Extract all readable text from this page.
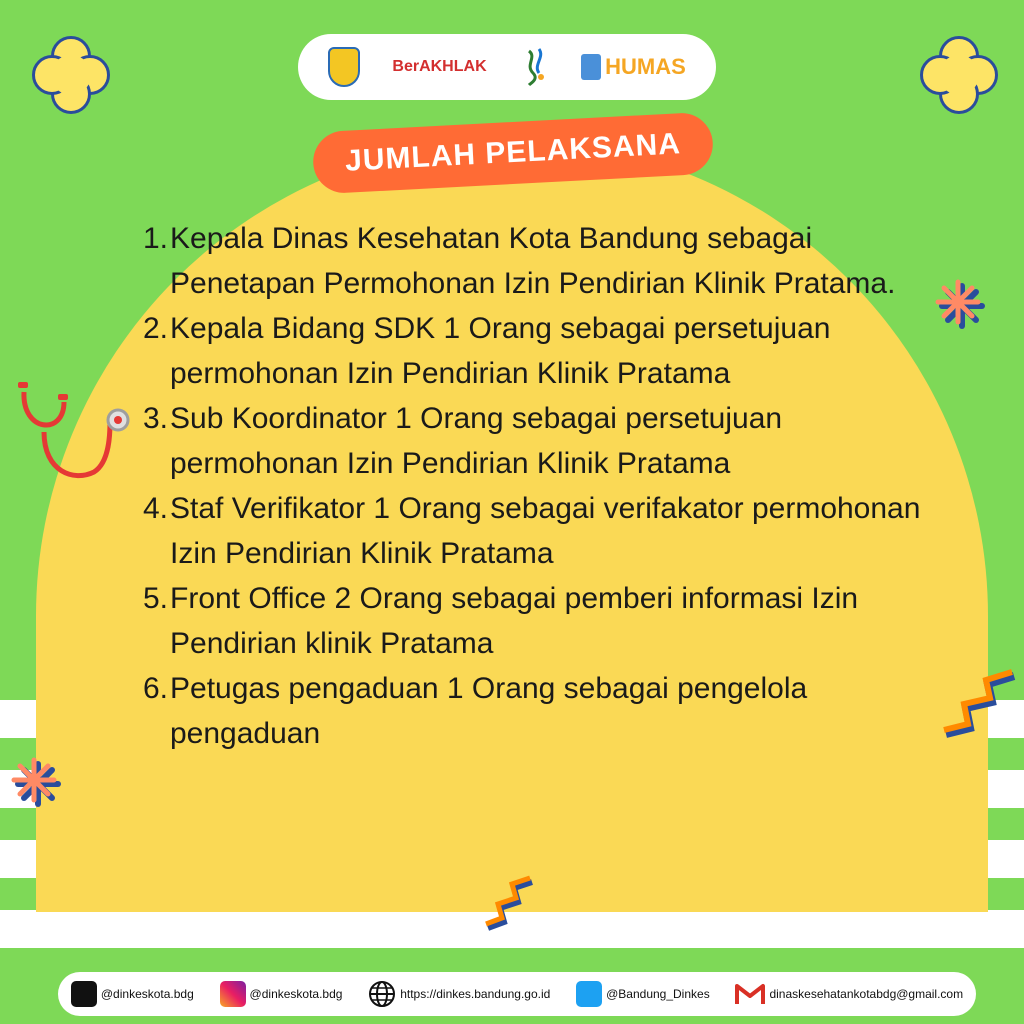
BerAKHLAK	HUMAS
JUMLAH PELAKSANA
1. Kepala Dinas Kesehatan Kota Bandung sebagai Penetapan Permohonan Izin Pendirian Klinik Pratama.
2. Kepala Bidang SDK 1 Orang sebagai persetujuan permohonan Izin Pendirian Klinik Pratama
3. Sub Koordinator 1 Orang sebagai persetujuan permohonan Izin Pendirian Klinik Pratama
4. Staf Verifikator 1 Orang sebagai verifakator permohonan Izin Pendirian Klinik Pratama
5. Front Office 2 Orang sebagai pemberi informasi Izin Pendirian klinik Pratama
6. Petugas pengaduan 1 Orang sebagai pengelola pengaduan
@dinkeskota.bdg	@dinkeskota.bdg	https://dinkes.bandung.go.id	@Bandung_Dinkes	dinaskesehatankotabdg@gmail.com
